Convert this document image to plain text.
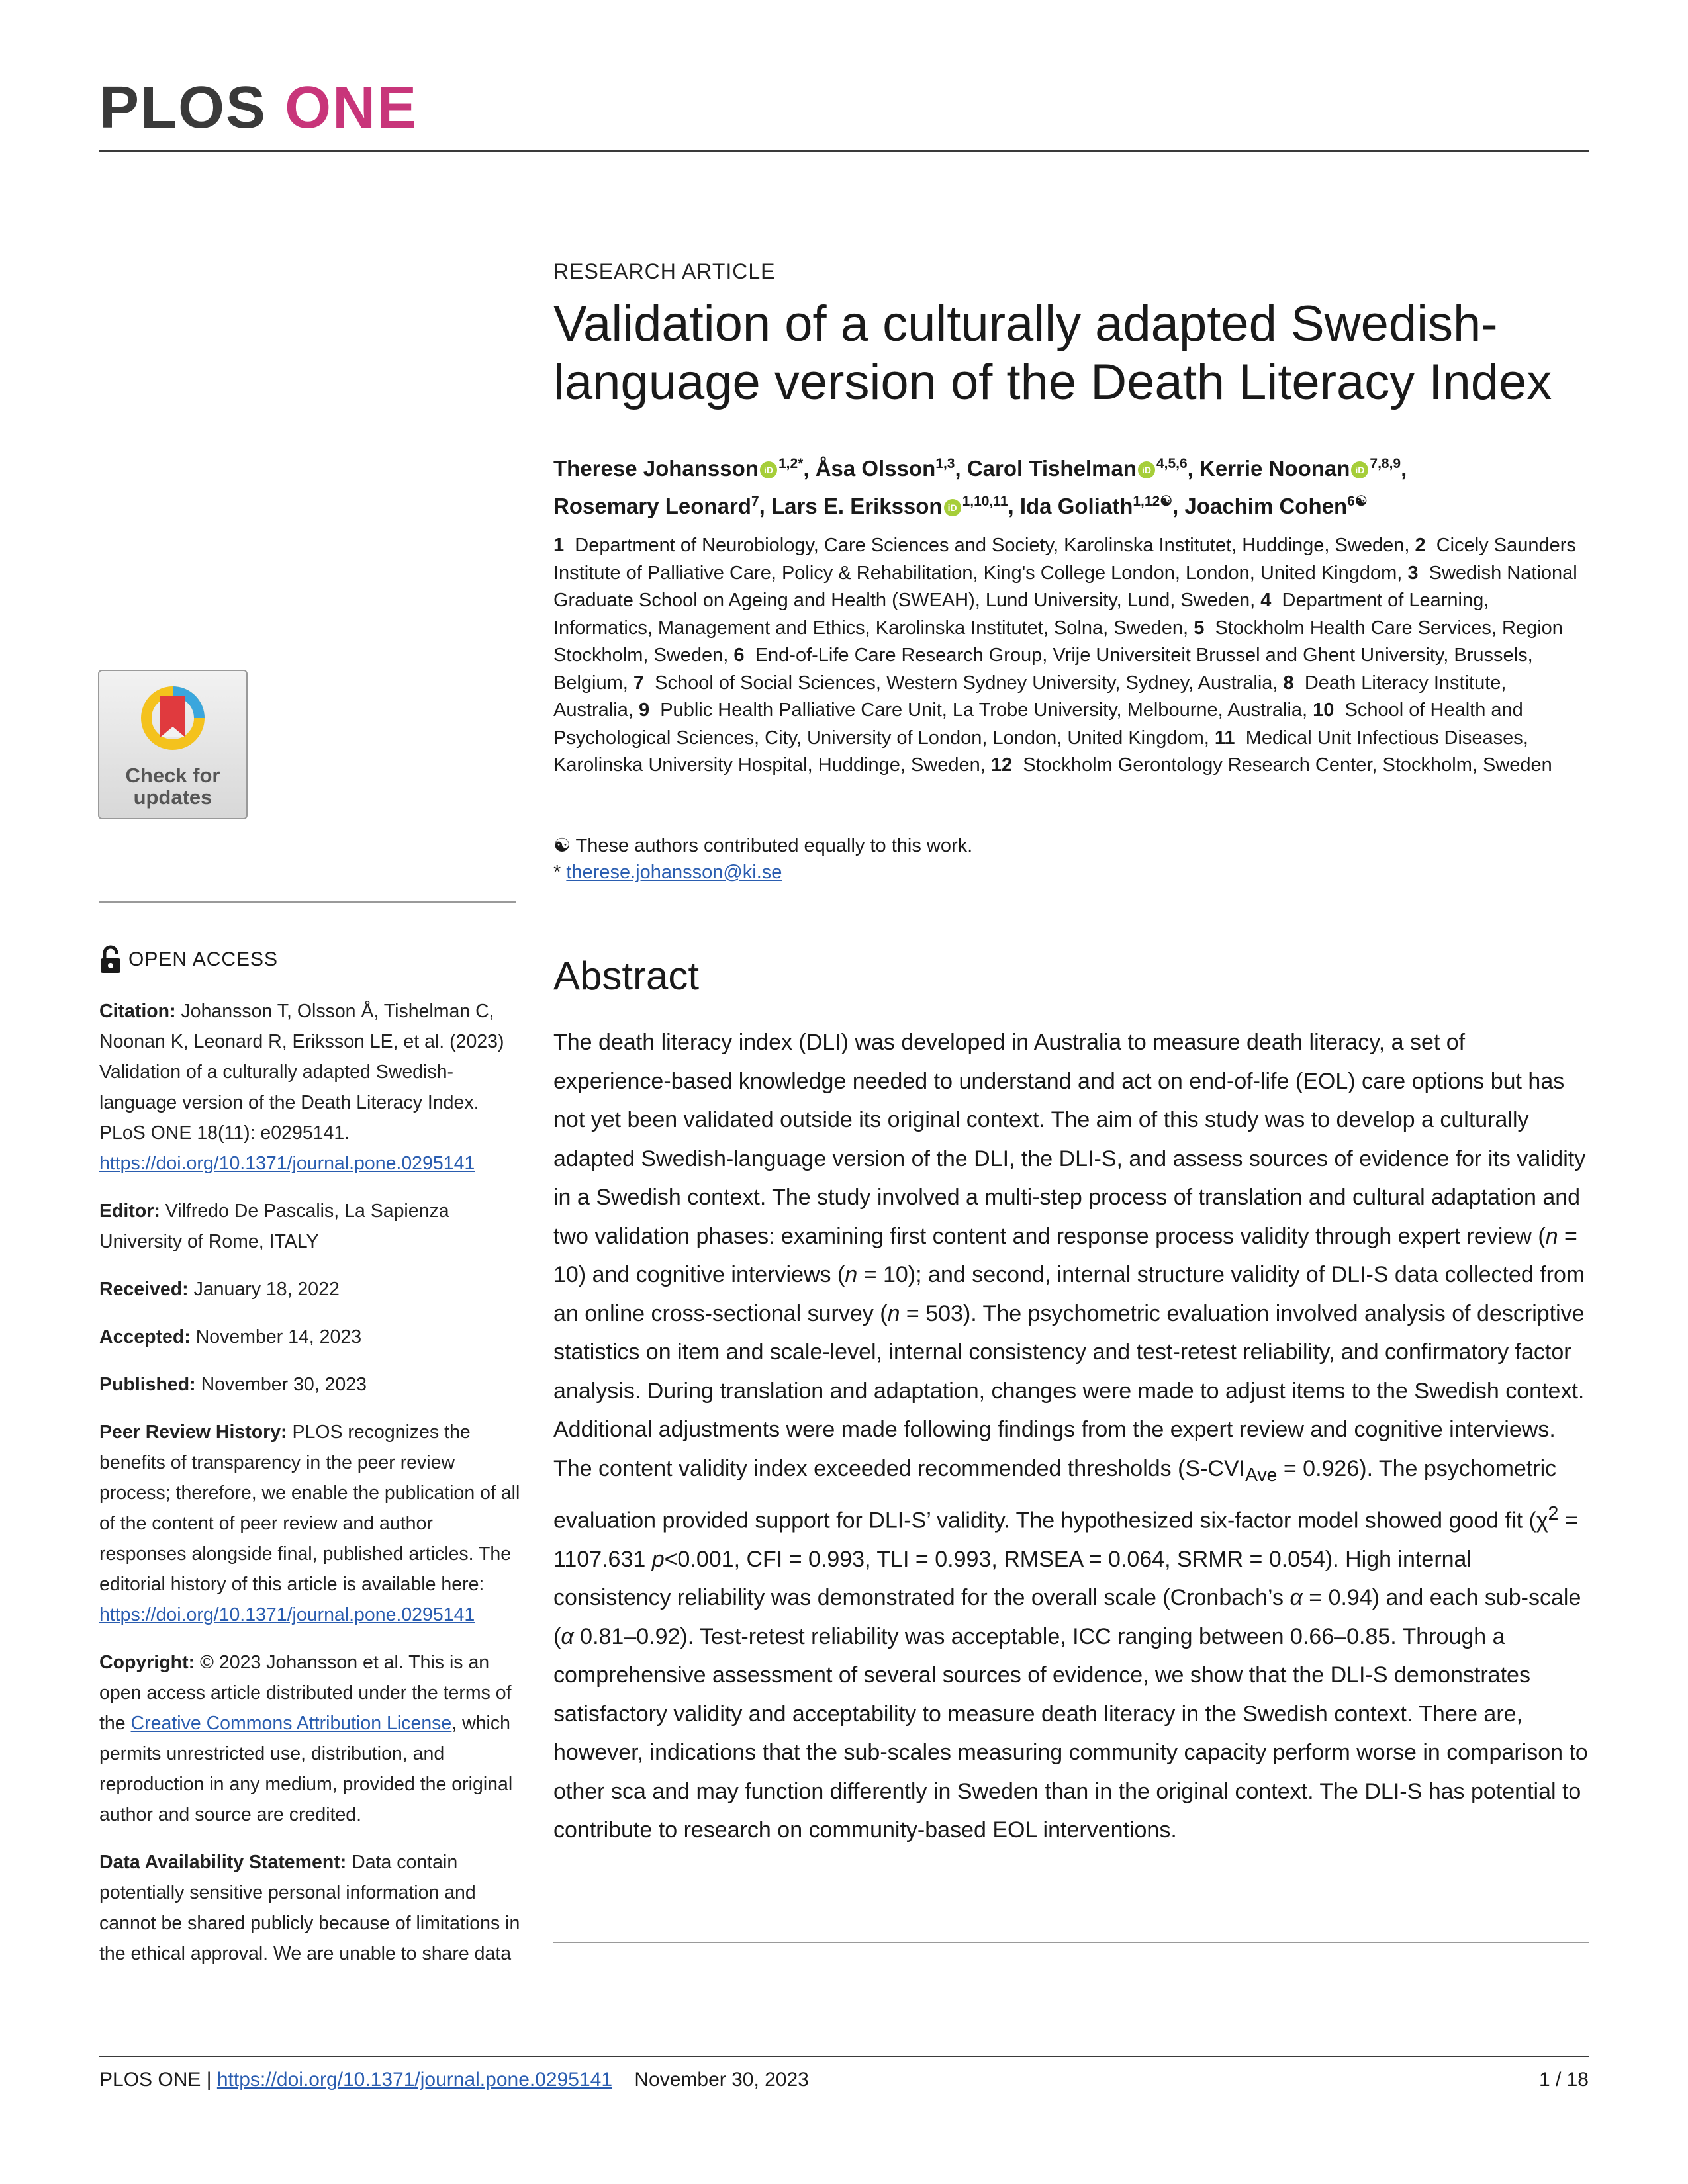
PLOS ONE
Check for
updates
OPEN ACCESS
Citation: Johansson T, Olsson Å, Tishelman C, Noonan K, Leonard R, Eriksson LE, et al. (2023) Validation of a culturally adapted Swedish-language version of the Death Literacy Index. PLoS ONE 18(11): e0295141. https://doi.org/10.1371/journal.pone.0295141
Editor: Vilfredo De Pascalis, La Sapienza University of Rome, ITALY
Received: January 18, 2022
Accepted: November 14, 2023
Published: November 30, 2023
Peer Review History: PLOS recognizes the benefits of transparency in the peer review process; therefore, we enable the publication of all of the content of peer review and author responses alongside final, published articles. The editorial history of this article is available here: https://doi.org/10.1371/journal.pone.0295141
Copyright: © 2023 Johansson et al. This is an open access article distributed under the terms of the Creative Commons Attribution License, which permits unrestricted use, distribution, and reproduction in any medium, provided the original author and source are credited.
Data Availability Statement: Data contain potentially sensitive personal information and cannot be shared publicly because of limitations in the ethical approval. We are unable to share data
RESEARCH ARTICLE
Validation of a culturally adapted Swedish-language version of the Death Literacy Index
Therese Johansson iD $^{1,2*}$, Åsa Olsson$^{1,3}$, Carol Tishelman iD $^{4,5,6}$, Kerrie Noonan iD $^{7,8,9}$,
Rosemary Leonard$^7$, Lars E. Eriksson iD $^{1,10,11}$, Ida Goliath$^{1,12☯}$, Joachim Cohen$^{6☯}$
1 Department of Neurobiology, Care Sciences and Society, Karolinska Institutet, Huddinge, Sweden, 2 Cicely Saunders Institute of Palliative Care, Policy & Rehabilitation, King's College London, London, United Kingdom, 3 Swedish National Graduate School on Ageing and Health (SWEAH), Lund University, Lund, Sweden, 4 Department of Learning, Informatics, Management and Ethics, Karolinska Institutet, Solna, Sweden, 5 Stockholm Health Care Services, Region Stockholm, Sweden, 6 End-of-Life Care Research Group, Vrije Universiteit Brussel and Ghent University, Brussels, Belgium, 7 School of Social Sciences, Western Sydney University, Sydney, Australia, 8 Death Literacy Institute, Australia, 9 Public Health Palliative Care Unit, La Trobe University, Melbourne, Australia, 10 School of Health and Psychological Sciences, City, University of London, London, United Kingdom, 11 Medical Unit Infectious Diseases, Karolinska University Hospital, Huddinge, Sweden, 12 Stockholm Gerontology Research Center, Stockholm, Sweden
☯ These authors contributed equally to this work.
* therese.johansson@ki.se
Abstract
The death literacy index (DLI) was developed in Australia to measure death literacy, a set of experience-based knowledge needed to understand and act on end-of-life (EOL) care options but has not yet been validated outside its original context. The aim of this study was to develop a culturally adapted Swedish-language version of the DLI, the DLI-S, and assess sources of evidence for its validity in a Swedish context. The study involved a multi-step process of translation and cultural adaptation and two validation phases: examining first content and response process validity through expert review (n = 10) and cognitive interviews (n = 10); and second, internal structure validity of DLI-S data collected from an online cross-sectional survey (n = 503). The psychometric evaluation involved analysis of descriptive statistics on item and scale-level, internal consistency and test-retest reliability, and confirmatory factor analysis. During translation and adaptation, changes were made to adjust items to the Swedish context. Additional adjustments were made following findings from the expert review and cognitive interviews. The content validity index exceeded recommended thresholds $(S-CVI_{Ave} = 0.926)$. The psychometric evaluation provided support for DLI-S’ validity. The hypothesized six-factor model showed good fit ($\chi^2 = 1107.631$ p<0.001, CFI = 0.993, TLI = 0.993, RMSEA = 0.064, SRMR = 0.054). High internal consistency reliability was demonstrated for the overall scale (Cronbach’s α = 0.94) and each sub-scale (α 0.81–0.92). Test-retest reliability was acceptable, ICC ranging between 0.66–0.85. Through a comprehensive assessment of several sources of evidence, we show that the DLI-S demonstrates satisfactory validity and acceptability to measure death literacy in the Swedish context. There are, however, indications that the sub-scales measuring community capacity perform worse in comparison to other sca and may function differently in Sweden than in the original context. The DLI-S has potential to contribute to research on community-based EOL interventions.
PLOS ONE | https://doi.org/10.1371/journal.pone.0295141 November 30, 2023	1 / 18
